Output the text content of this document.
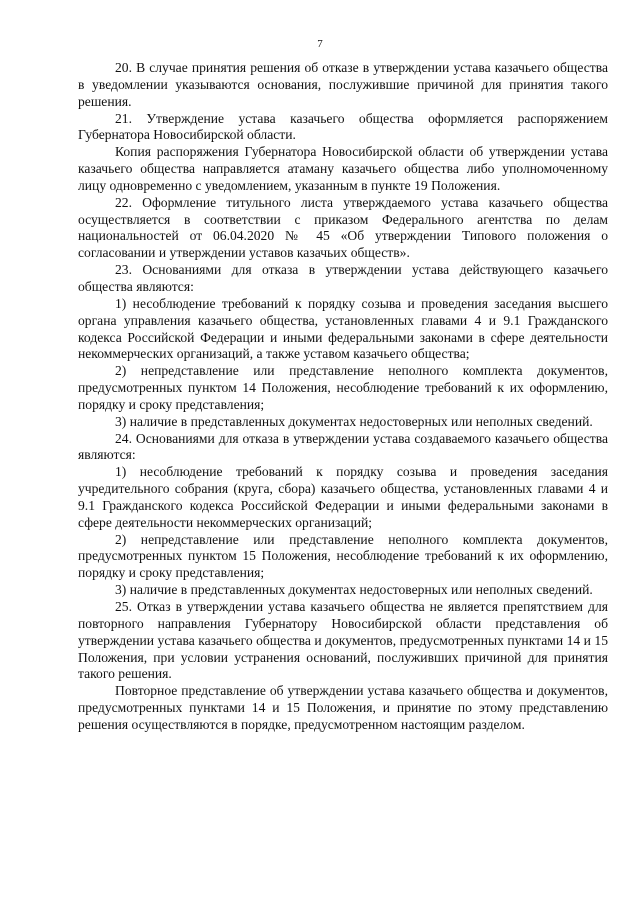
7

20. В случае принятия решения об отказе в утверждении устава казачьего общества в уведомлении указываются основания, послужившие причиной для принятия такого решения.

21. Утверждение устава казачьего общества оформляется распоряжением Губернатора Новосибирской области.

Копия распоряжения Губернатора Новосибирской области об утверждении устава казачьего общества направляется атаману казачьего общества либо уполномоченному лицу одновременно с уведомлением, указанным в пункте 19 Положения.

22. Оформление титульного листа утверждаемого устава казачьего общества осуществляется в соответствии с приказом Федерального агентства по делам национальностей от 06.04.2020 № 45 «Об утверждении Типового положения о согласовании и утверждении уставов казачьих обществ».

23. Основаниями для отказа в утверждении устава действующего казачьего общества являются:

1) несоблюдение требований к порядку созыва и проведения заседания высшего органа управления казачьего общества, установленных главами 4 и 9.1 Гражданского кодекса Российской Федерации и иными федеральными законами в сфере деятельности некоммерческих организаций, а также уставом казачьего общества;

2) непредставление или представление неполного комплекта документов, предусмотренных пунктом 14 Положения, несоблюдение требований к их оформлению, порядку и сроку представления;

3) наличие в представленных документах недостоверных или неполных сведений.

24. Основаниями для отказа в утверждении устава создаваемого казачьего общества являются:

1) несоблюдение требований к порядку созыва и проведения заседания учредительного собрания (круга, сбора) казачьего общества, установленных главами 4 и 9.1 Гражданского кодекса Российской Федерации и иными федеральными законами в сфере деятельности некоммерческих организаций;

2) непредставление или представление неполного комплекта документов, предусмотренных пунктом 15 Положения, несоблюдение требований к их оформлению, порядку и сроку представления;

3) наличие в представленных документах недостоверных или неполных сведений.

25. Отказ в утверждении устава казачьего общества не является препятствием для повторного направления Губернатору Новосибирской области представления об утверждении устава казачьего общества и документов, предусмотренных пунктами 14 и 15 Положения, при условии устранения оснований, послуживших причиной для принятия такого решения.

Повторное представление об утверждении устава казачьего общества и документов, предусмотренных пунктами 14 и 15 Положения, и принятие по этому представлению решения осуществляются в порядке, предусмотренном настоящим разделом.
